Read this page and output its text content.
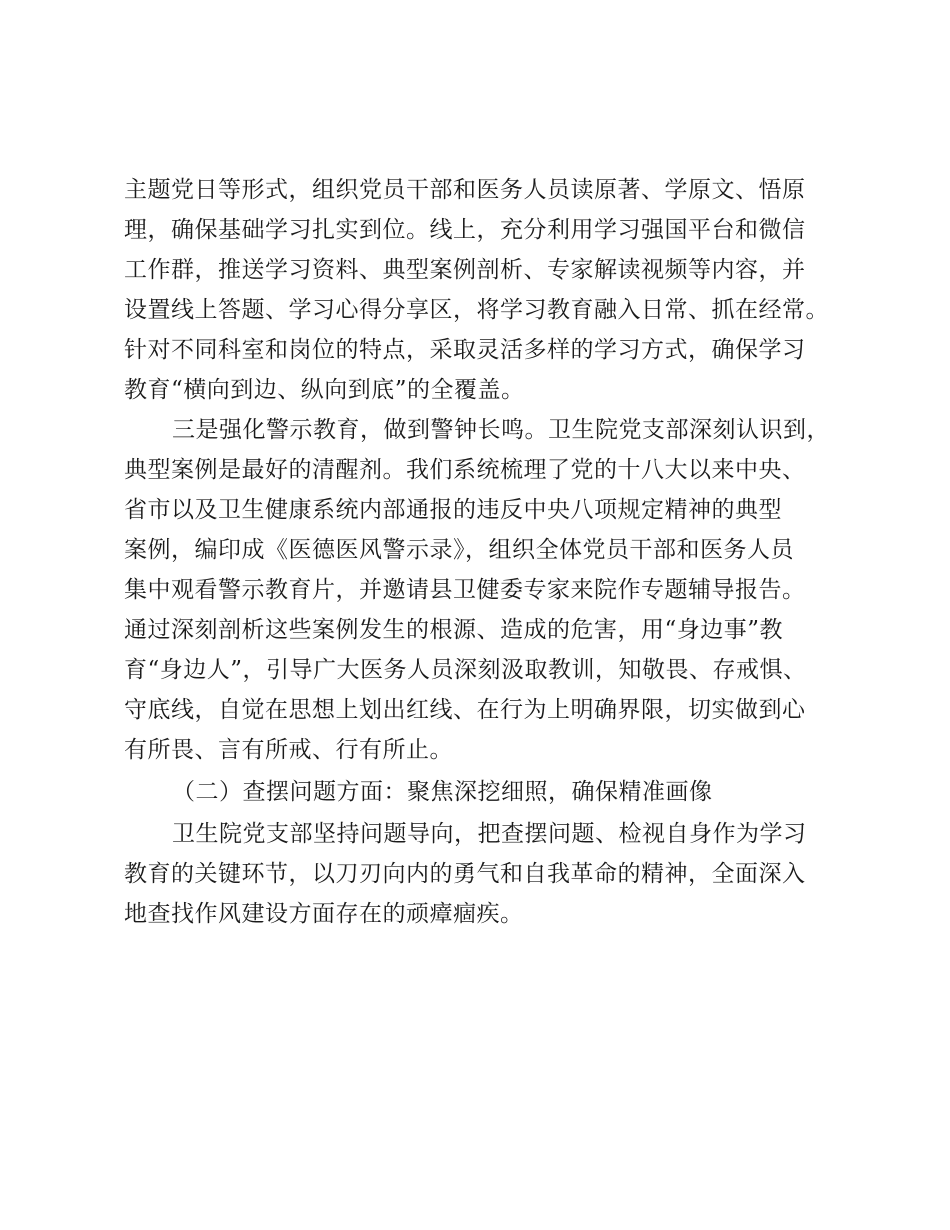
主题党日等形式，组织党员干部和医务人员读原著、学原文、悟原
理，确保基础学习扎实到位。线上，充分利用学习强国平台和微信
工作群，推送学习资料、典型案例剖析、专家解读视频等内容，并
设置线上答题、学习心得分享区，将学习教育融入日常、抓在经常。
针对不同科室和岗位的特点，采取灵活多样的学习方式，确保学习
教育“横向到边、纵向到底”的全覆盖。
三是强化警示教育，做到警钟长鸣。卫生院党支部深刻认识到，
典型案例是最好的清醒剂。我们系统梳理了党的十八大以来中央、
省市以及卫生健康系统内部通报的违反中央八项规定精神的典型
案例，编印成《医德医风警示录》，组织全体党员干部和医务人员
集中观看警示教育片，并邀请县卫健委专家来院作专题辅导报告。
通过深刻剖析这些案例发生的根源、造成的危害，用“身边事”教
育“身边人”，引导广大医务人员深刻汲取教训，知敬畏、存戒惧、
守底线，自觉在思想上划出红线、在行为上明确界限，切实做到心
有所畏、言有所戒、行有所止。
（二）查摆问题方面：聚焦深挖细照，确保精准画像
卫生院党支部坚持问题导向，把查摆问题、检视自身作为学习
教育的关键环节，以刀刃向内的勇气和自我革命的精神，全面深入
地查找作风建设方面存在的顽瘴痼疾。
